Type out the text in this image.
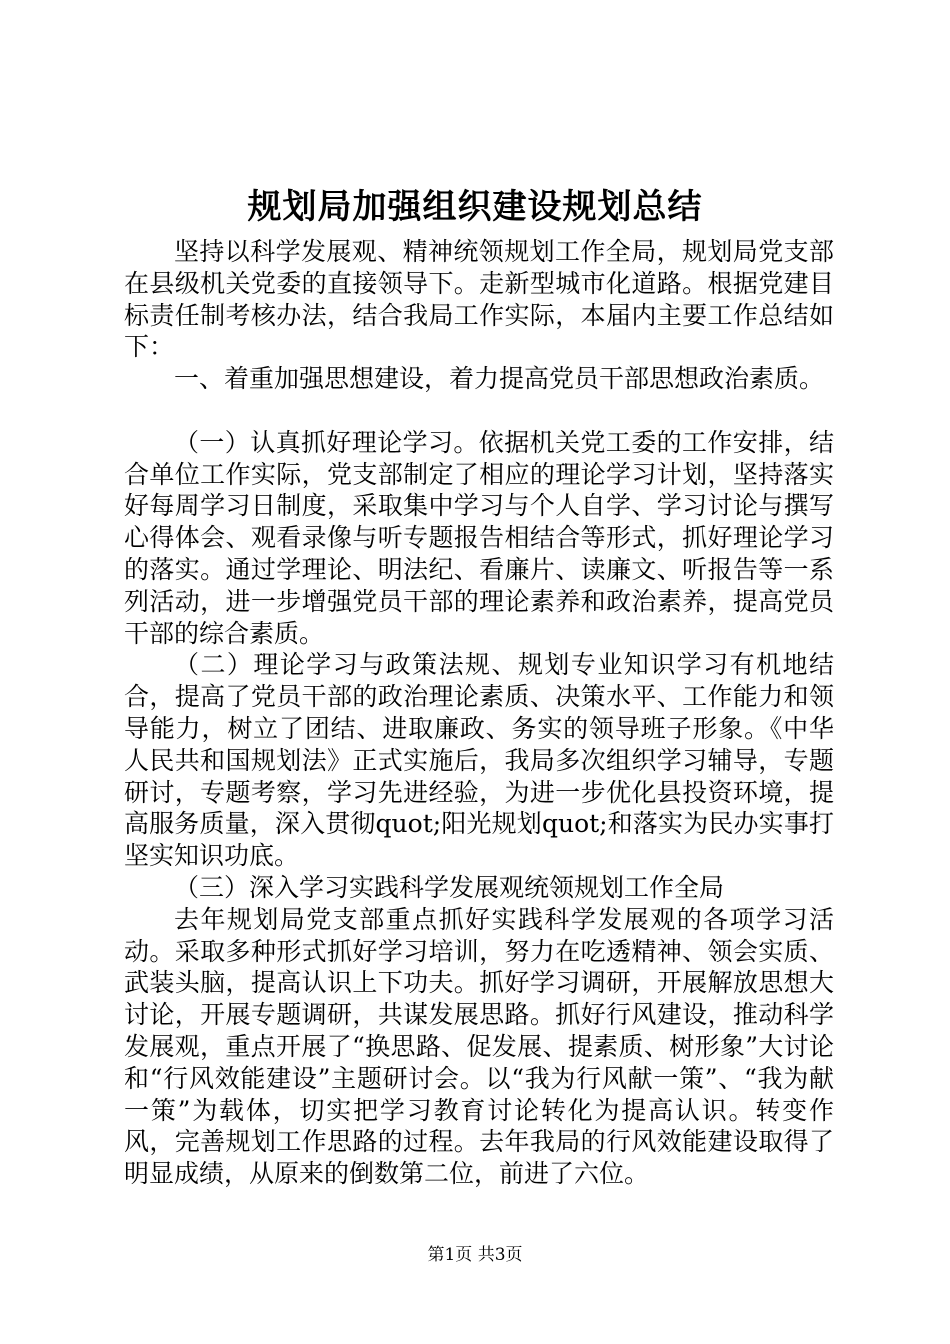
规划局加强组织建设规划总结

坚持以科学发展观、精神统领规划工作全局，规划局党支部在县级机关党委的直接领导下。走新型城市化道路。根据党建目标责任制考核办法，结合我局工作实际，本届内主要工作总结如下：

一、着重加强思想建设，着力提高党员干部思想政治素质。

（一）认真抓好理论学习。依据机关党工委的工作安排，结合单位工作实际，党支部制定了相应的理论学习计划，坚持落实好每周学习日制度，采取集中学习与个人自学、学习讨论与撰写心得体会、观看录像与听专题报告相结合等形式，抓好理论学习的落实。通过学理论、明法纪、看廉片、读廉文、听报告等一系列活动，进一步增强党员干部的理论素养和政治素养，提高党员干部的综合素质。

（二）理论学习与政策法规、规划专业知识学习有机地结合，提高了党员干部的政治理论素质、决策水平、工作能力和领导能力，树立了团结、进取廉政、务实的领导班子形象。《中华人民共和国规划法》正式实施后，我局多次组织学习辅导，专题研讨，专题考察，学习先进经验，为进一步优化县投资环境，提高服务质量，深入贯彻quot;阳光规划quot;和落实为民办实事打坚实知识功底。

（三）深入学习实践科学发展观统领规划工作全局

去年规划局党支部重点抓好实践科学发展观的各项学习活动。采取多种形式抓好学习培训，努力在吃透精神、领会实质、武装头脑，提高认识上下功夫。抓好学习调研，开展解放思想大讨论，开展专题调研，共谋发展思路。抓好行风建设，推动科学发展观，重点开展了“换思路、促发展、提素质、树形象”大讨论和“行风效能建设”主题研讨会。以“我为行风献一策”、“我为献一策”为载体，切实把学习教育讨论转化为提高认识。转变作风，完善规划工作思路的过程。去年我局的行风效能建设取得了明显成绩，从原来的倒数第二位，前进了六位。

第1页 共3页
